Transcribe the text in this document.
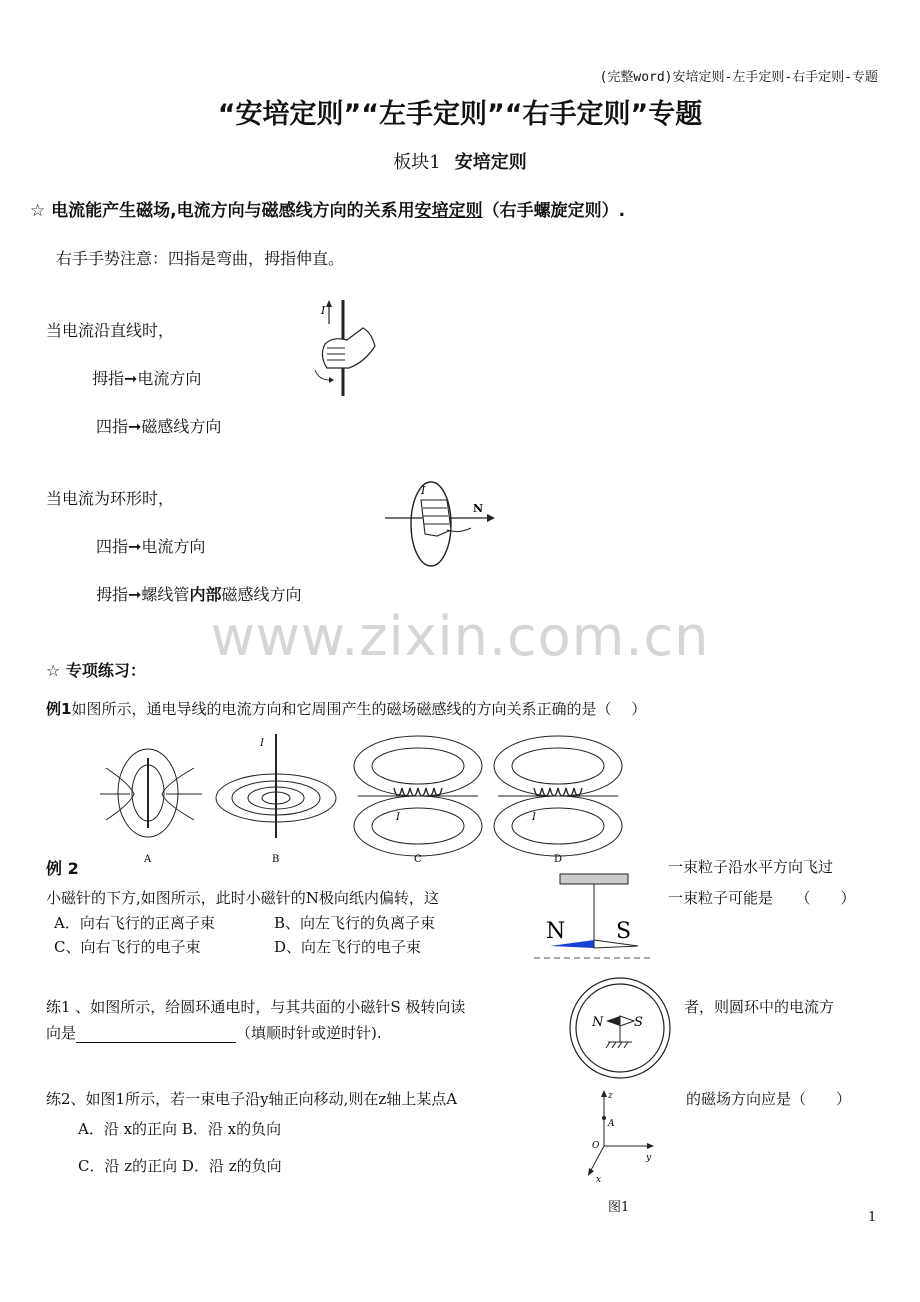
(完整word)安培定则-左手定则-右手定则-专题
“安培定则”“左手定则”“右手定则”专题
板块1 安培定则
☆ 电流能产生磁场,电流方向与磁感线方向的关系用安培定则（右手螺旋定则）.
右手手势注意：四指是弯曲，拇指伸直。
当电流沿直线时，
拇指➞电流方向
四指➞磁感线方向
I
当电流为环形时，
四指➞电流方向
拇指➞螺线管内部磁感线方向
N
I
www.zixin.com.cn
☆ 专项练习：
例1如图所示，通电导线的电流方向和它周围产生的磁场磁感线的方向关系正确的是（　 ）
A
I
B
I
C
I
D
例 2	一束粒子沿水平方向飞过
小磁针的下方,如图所示，此时小磁针的N极向纸内偏转，这	一束粒子可能是　　（　　）
A．向右飞行的正离子束	B、向左飞行的负离子束
C、向右飞行的电子束	D、向左飞行的电子束
N S
练1 、如图所示，给圆环通电时，与其共面的小磁针S 极转向读	者，则圆环中的电流方
向是	（填顺时针或逆时针).
N S
练2、如图1所示，若一束电子沿y轴正向移动,则在z轴上某点A	的磁场方向应是（　　）
A．沿 x的正向 B．沿 x的负向
C．沿 z的正向 D．沿 z的负向
z
A
O
y
x
图1
1
